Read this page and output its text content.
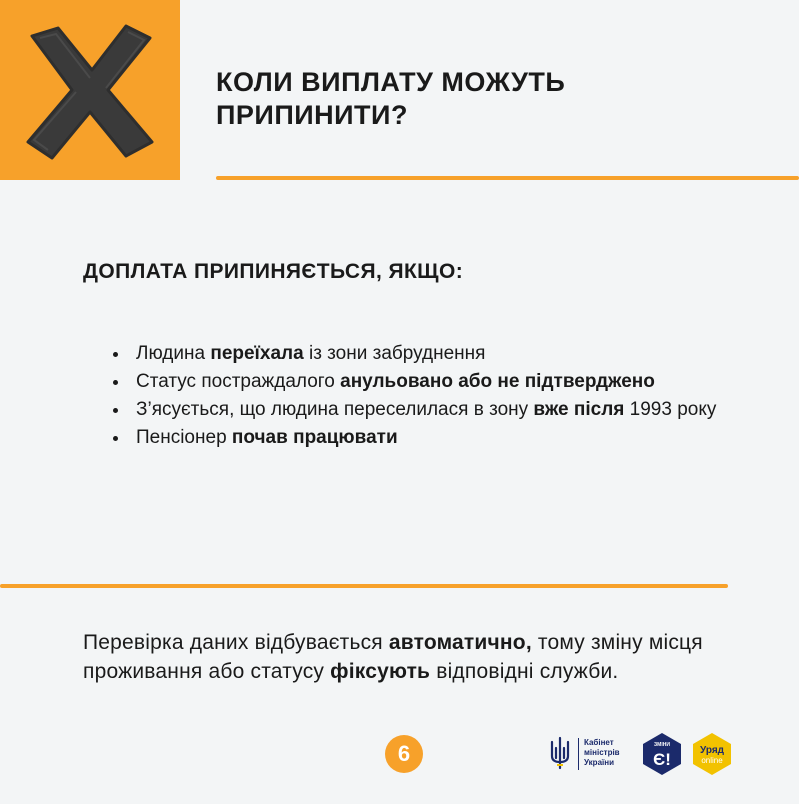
КОЛИ ВИПЛАТУ МОЖУТЬ
ПРИПИНИТИ?
ДОПЛАТА ПРИПИНЯЄТЬСЯ, ЯКЩО:
• Людина переїхала із зони забруднення
• Статус постраждалого анульовано або не підтверджено
• З’ясується, що людина переселилася в зону вже після 1993 року
• Пенсіонер почав працювати

Перевірка даних відбувається автоматично, тому зміну місця проживання або статусу фіксують відповідні служби.

6	Кабінет
міністрів
України
ЗМІНИ
Є!	Уряд
online
